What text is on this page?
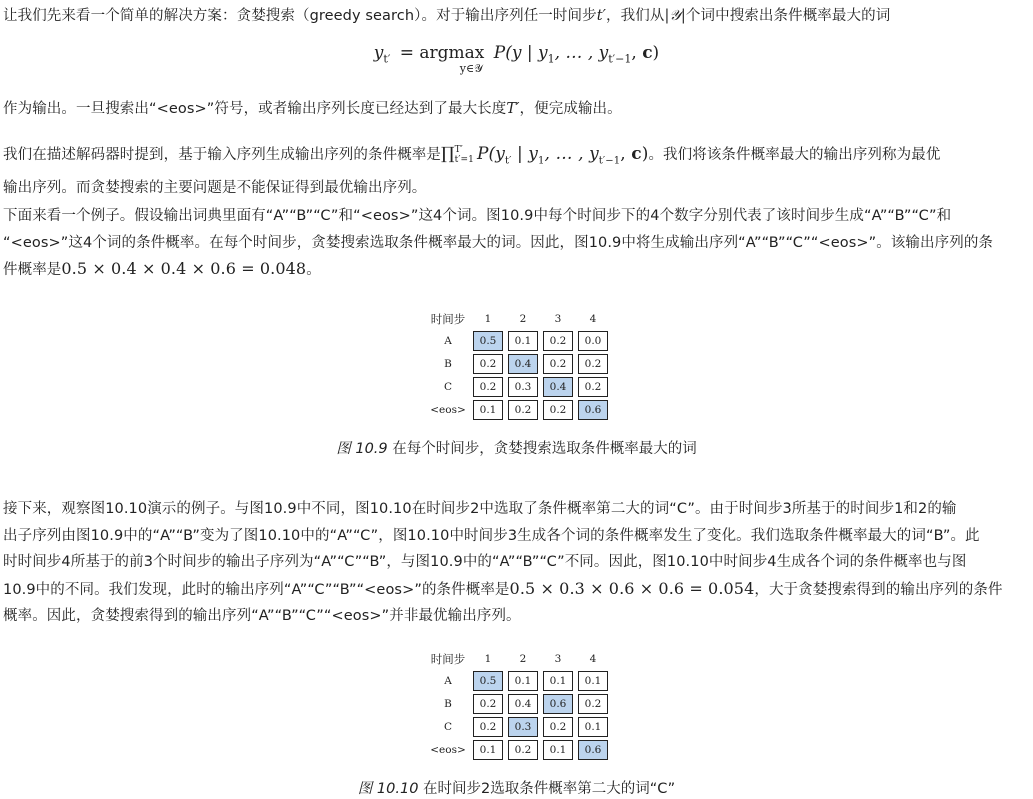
让我们先来看一个简单的解决方案：贪婪搜索（greedy search）。对于输出序列任一时间步t′，我们从|𝒴|个词中搜索出条件概率最大的词

$y_{t'} = argmax$
y∈𝒴
P(y | $y_1$, … , $y_{t'-1}$, c)

作为输出。一旦搜索出“<eos>”符号，或者输出序列长度已经达到了最大长度T′，便完成输出。

我们在描述解码器时提到，基于输入序列生成输出序列的条件概率是∏ T′
t′=1 $P(y_{t'}$ | $y_1$, … , $y_{t'-1}$, c)。我们将该条件概率最大的输出序列称为最优
输出序列。而贪婪搜索的主要问题是不能保证得到最优输出序列。

下面来看一个例子。假设输出词典里面有“A”“B”“C”和“<eos>”这4个词。图10.9中每个时间步下的4个数字分别代表了该时间步生成“A”“B”“C”和
“<eos>”这4个词的条件概率。在每个时间步，贪婪搜索选取条件概率最大的词。因此，图10.9中将生成输出序列“A”“B”“C”“<eos>”。该输出序列的条
件概率是0.5 × 0.4 × 0.4 × 0.6 = 0.048。

时间步	1	2	3	4
A	0.5	0.1	0.2	0.0
B	0.2	0.4	0.2	0.2
C	0.2	0.3	0.4	0.2
<eos>	0.1	0.2	0.2	0.6
图 10.9 在每个时间步，贪婪搜索选取条件概率最大的词

接下来，观察图10.10演示的例子。与图10.9中不同，图10.10在时间步2中选取了条件概率第二大的词“C”。由于时间步3所基于的时间步1和2的输
出子序列由图10.9中的“A”“B”变为了图10.10中的“A”“C”，图10.10中时间步3生成各个词的条件概率发生了变化。我们选取条件概率最大的词“B”。此
时时间步4所基于的前3个时间步的输出子序列为“A”“C”“B”，与图10.9中的“A”“B”“C”不同。因此，图10.10中时间步4生成各个词的条件概率也与图
10.9中的不同。我们发现，此时的输出序列“A”“C”“B”“<eos>”的条件概率是0.5 × 0.3 × 0.6 × 0.6 = 0.054，大于贪婪搜索得到的输出序列的条件
概率。因此，贪婪搜索得到的输出序列“A”“B”“C”“<eos>”并非最优输出序列。

时间步	1	2	3	4
A	0.5	0.1	0.1	0.1
B	0.2	0.4	0.6	0.2
C	0.2	0.3	0.2	0.1
<eos>	0.1	0.2	0.1	0.6
图 10.10 在时间步2选取条件概率第二大的词“C”
